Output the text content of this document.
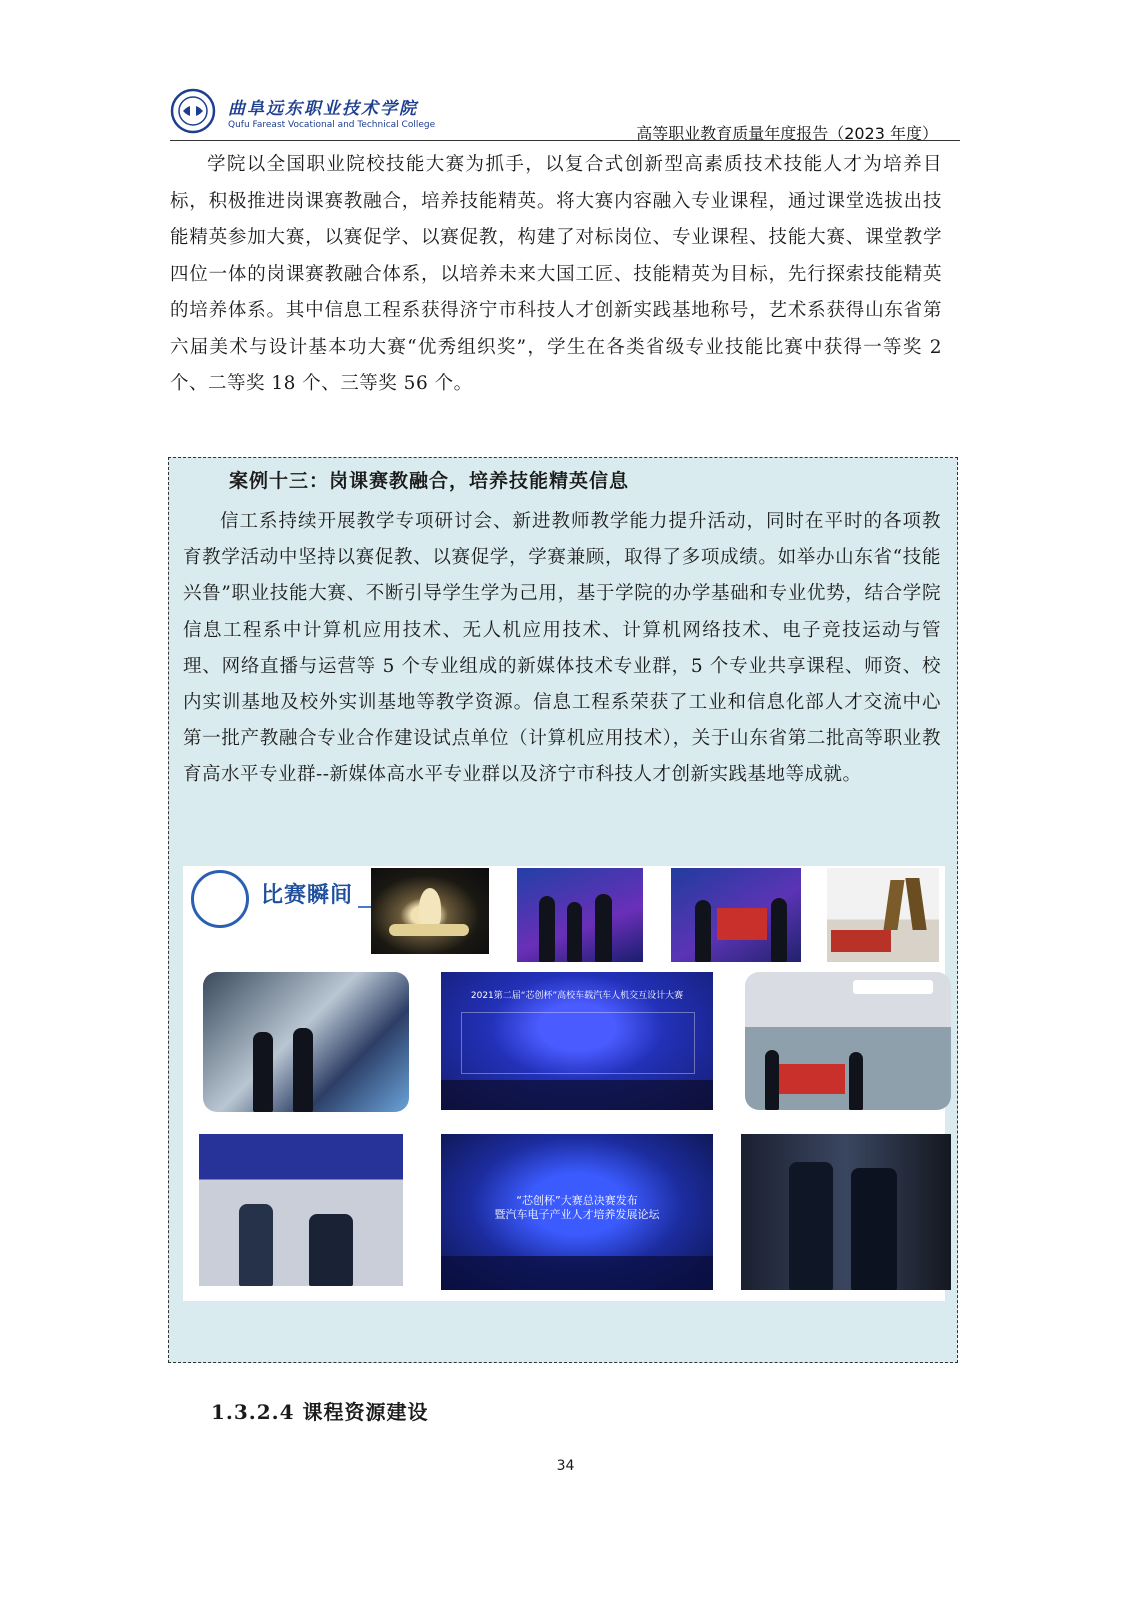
曲阜远东职业技术学院
Qufu Fareast Vocational and Technical College	高等职业教育质量年度报告（2023 年度）
学院以全国职业院校技能大赛为抓手，以复合式创新型高素质技术技能人才为培养目标，积极推进岗课赛教融合，培养技能精英。将大赛内容融入专业课程，通过课堂选拔出技能精英参加大赛，以赛促学、以赛促教，构建了对标岗位、专业课程、技能大赛、课堂教学四位一体的岗课赛教融合体系，以培养未来大国工匠、技能精英为目标，先行探索技能精英的培养体系。其中信息工程系获得济宁市科技人才创新实践基地称号，艺术系获得山东省第六届美术与设计基本功大赛“优秀组织奖”，学生在各类省级专业技能比赛中获得一等奖 2 个、二等奖 18 个、三等奖 56 个。
案例十三：岗课赛教融合，培养技能精英信息
信工系持续开展教学专项研讨会、新进教师教学能力提升活动，同时在平时的各项教育教学活动中坚持以赛促教、以赛促学，学赛兼顾，取得了多项成绩。如举办山东省“技能兴鲁”职业技能大赛、不断引导学生学为己用，基于学院的办学基础和专业优势，结合学院信息工程系中计算机应用技术、无人机应用技术、计算机网络技术、电子竞技运动与管理、网络直播与运营等 5 个专业组成的新媒体技术专业群，5 个专业共享课程、师资、校内实训基地及校外实训基地等教学资源。信息工程系荣获了工业和信息化部人才交流中心第一批产教融合专业合作建设试点单位（计算机应用技术），关于山东省第二批高等职业教育高水平专业群--新媒体高水平专业群以及济宁市科技人才创新实践基地等成就。
比赛瞬间
2021第二届“芯创杯”高校车载汽车人机交互设计大赛
“芯创杯”大赛总决赛发布
暨汽车电子产业人才培养发展论坛
1.3.2.4 课程资源建设
34
